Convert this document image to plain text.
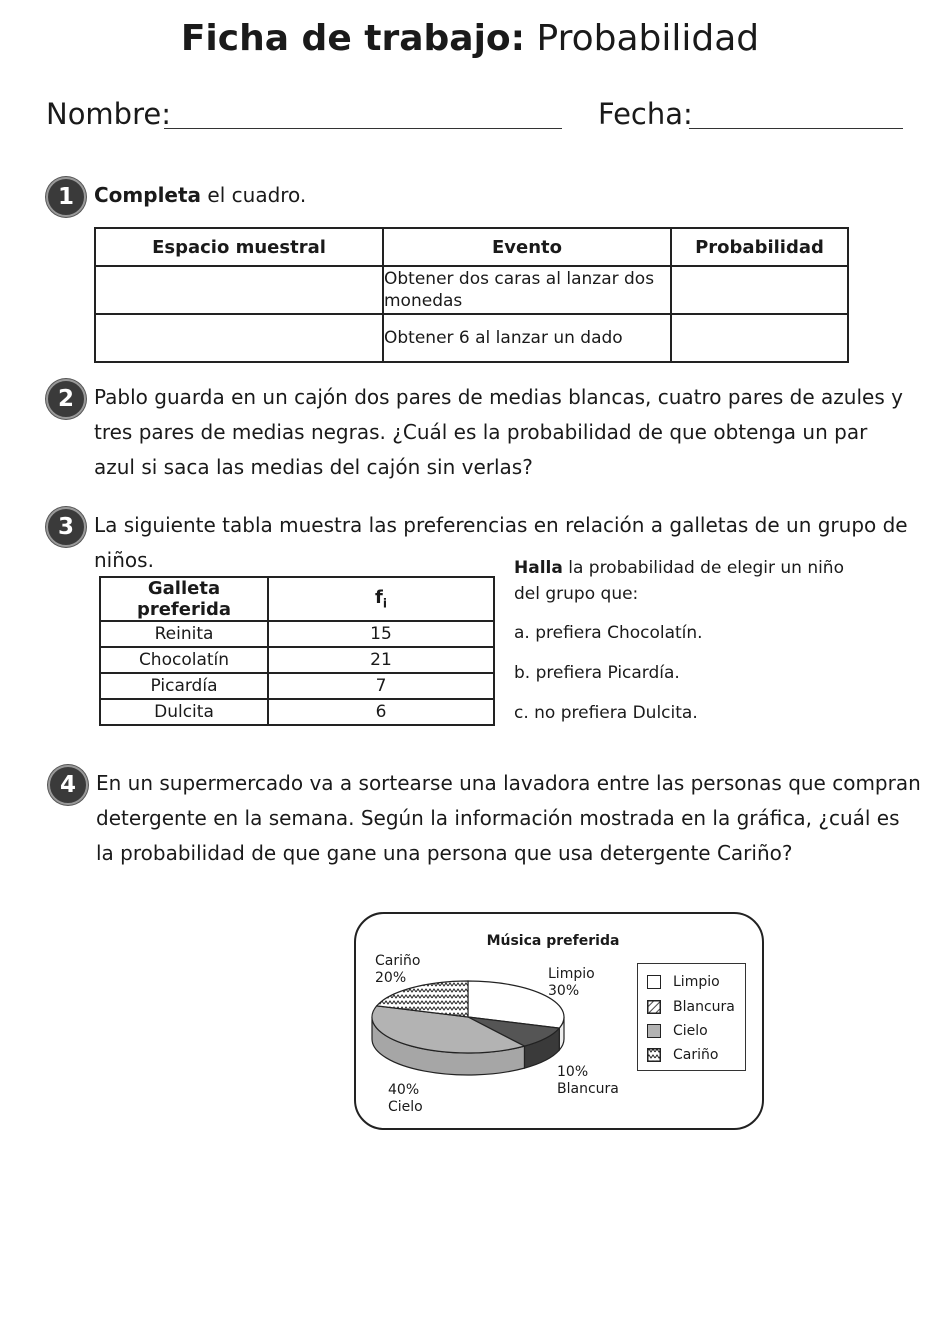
Ficha de trabajo: Probabilidad
Nombre:	Fecha:
1	Completa el cuadro.
Espacio muestral	Evento	Probabilidad
	Obtener dos caras al lanzar dos monedas	
	Obtener 6 al lanzar un dado	
2	Pablo guarda en un cajón dos pares de medias blancas, cuatro pares de azules y
tres pares de medias negras. ¿Cuál es la probabilidad de que obtenga un par
azul si saca las medias del cajón sin verlas?
3	La siguiente tabla muestra las preferencias en relación a galletas de un grupo de niños.
Galleta preferida	$f_i$
Reinita	15
Chocolatín	21
Picardía	7
Dulcita	6
Halla la probabilidad de elegir un niño
del grupo que:
a. prefiera Chocolatín.
b. prefiera Picardía.
c. no prefiera Dulcita.
4	En un supermercado va a sortearse una lavadora entre las personas que compran
detergente en la semana. Según la información mostrada en la gráfica, ¿cuál es
la probabilidad de que gane una persona que usa detergente Cariño?
Música preferida
Cariño
20%	Limpio
30%
10%
Blancura
40%
Cielo
Limpio
Blancura
Cielo
Cariño
